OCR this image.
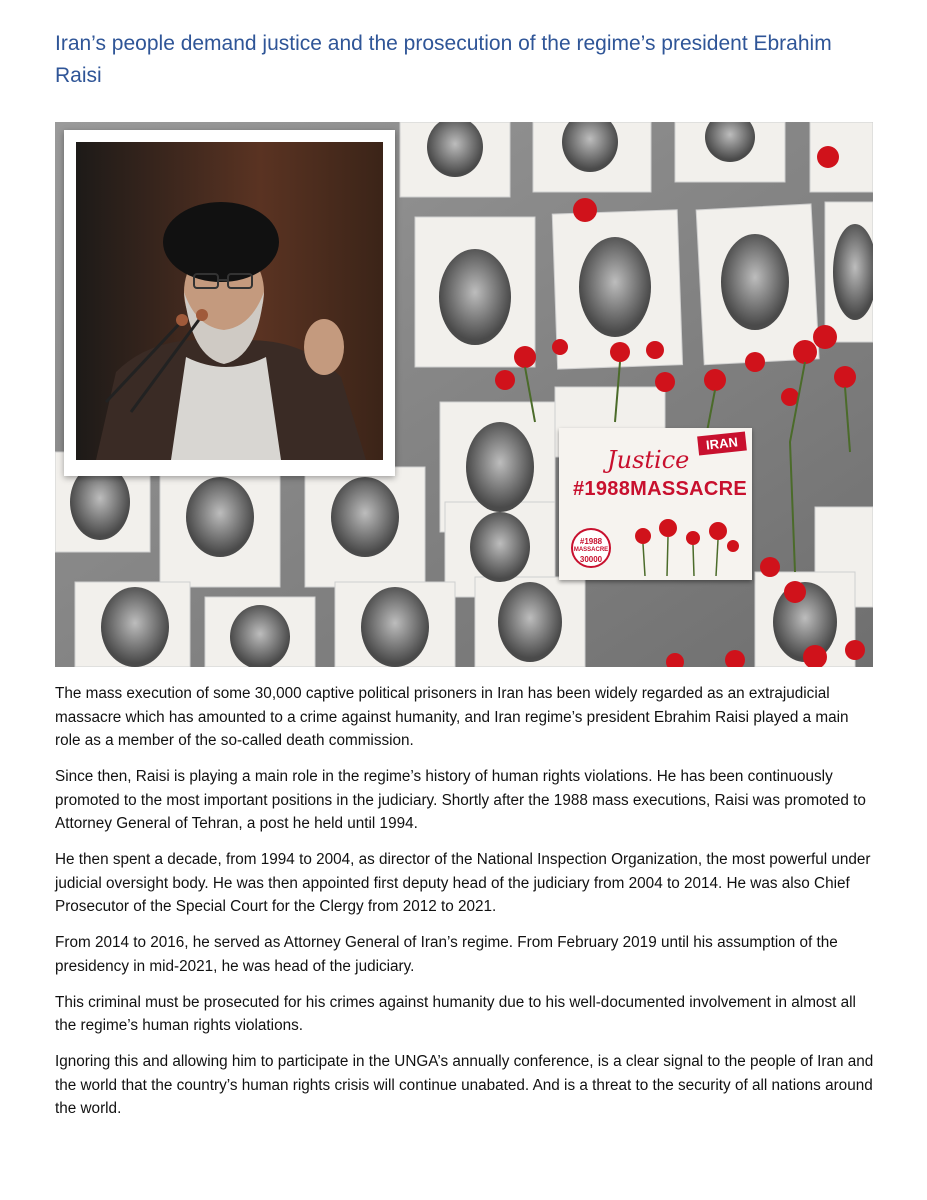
Iran’s people demand justice and the prosecution of the regime’s president Ebrahim Raisi
IRAN
Justice
#1988MASSACRE
#1988
MASSACRE
30000

The mass execution of some 30,000 captive political prisoners in Iran has been widely regarded as an extrajudicial massacre which has amounted to a crime against humanity, and Iran regime’s president Ebrahim Raisi played a main role as a member of the so-called death commission.

Since then, Raisi is playing a main role in the regime’s history of human rights violations. He has been continuously promoted to the most important positions in the judiciary. Shortly after the 1988 mass executions, Raisi was promoted to Attorney General of Tehran, a post he held until 1994.

He then spent a decade, from 1994 to 2004, as director of the National Inspection Organization, the most powerful under judicial oversight body. He was then appointed first deputy head of the judiciary from 2004 to 2014. He was also Chief Prosecutor of the Special Court for the Clergy from 2012 to 2021.

From 2014 to 2016, he served as Attorney General of Iran’s regime. From February 2019 until his assumption of the presidency in mid-2021, he was head of the judiciary.

This criminal must be prosecuted for his crimes against humanity due to his well-documented involvement in almost all the regime’s human rights violations.

Ignoring this and allowing him to participate in the UNGA’s annually conference, is a clear signal to the people of Iran and the world that the country’s human rights crisis will continue unabated. And is a threat to the security of all nations around the world.
